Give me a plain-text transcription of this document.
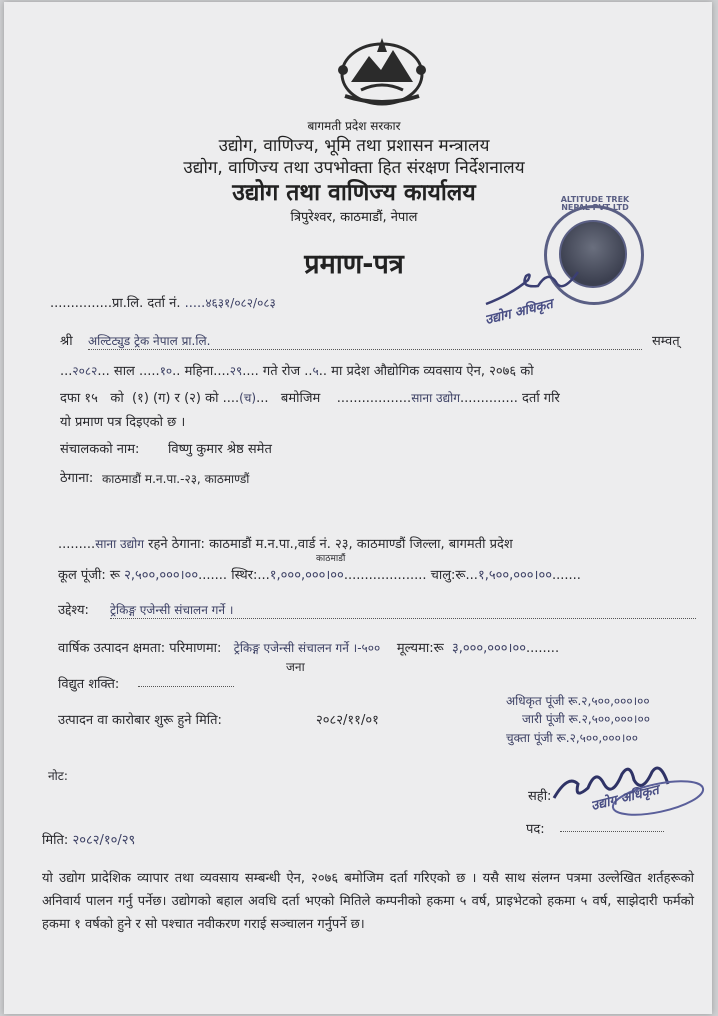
बागमती प्रदेश सरकार
उद्योग, वाणिज्य, भूमि तथा प्रशासन मन्त्रालय
उद्योग, वाणिज्य तथा उपभोक्ता हित संरक्षण निर्देशनालय
उद्योग तथा वाणिज्य कार्यालय
त्रिपुरेश्वर, काठमाडौं, नेपाल
प्रमाण-पत्र
ALTITUDE TREK NEPAL PVT LTD
उद्योग अधिकृत
...............प्रा.लि. दर्ता नं. .....४६३१/०८२/०८३
श्री अल्टिट्युड ट्रेक नेपाल प्रा.लि.	सम्वत्
...२०८२... साल .....१०.. महिना....२९.... गते रोज ..५.. मा प्रदेश औद्योगिक व्यवसाय ऐन, २०७६ को
दफा १५ को (१) (ग) र (२) को ....(च)...   बमोजिम    ..................साना उद्योग.............. दर्ता गरि
यो प्रमाण पत्र दिइएको छ ।
संचालकको नाम: विष्णु कुमार श्रेष्ठ समेत
ठेगाना: काठमाडौं म.न.पा.-२३, काठमाण्डौं
.........साना उद्योग रहने ठेगाना: काठमाडौं म.न.पा.,वार्ड नं. २३, काठमाण्डौं जिल्ला, बागमती प्रदेश
काठमाडौं
कूल पूंजी: रू २,५००,०००।००....... स्थिर:...१,०००,०००।००.................... चालु:रू...१,५००,०००।००.......
उद्देश्य: ट्रेकिङ्ग एजेन्सी संचालन गर्ने ।
वार्षिक उत्पादन क्षमता: परिमाणमा: ट्रेकिङ्ग एजेन्सी संचालन गर्ने ।-५०० मूल्यमा:रू ३,०००,०००।००........
जना
विद्युत शक्ति:
अधिकृत पूंजी रू.२,५००,०००।००
जारी पूंजी रू.२,५००,०००।००
चुक्ता पूंजी रू.२,५००,०००।००
उत्पादन वा कारोबार शुरू हुने मिति:	२०८२/११/०१
नोट:
सही:	उद्योग अधिकृत
पद:
मिति: २०८२/१०/२९
यो उद्योग प्रादेशिक व्यापार तथा व्यवसाय सम्बन्धी ऐन, २०७६ बमोजिम दर्ता गरिएको छ । यसै साथ संलग्न पत्रमा उल्लेखित शर्तहरूको अनिवार्य पालन गर्नु पर्नेछ। उद्योगको बहाल अवधि दर्ता भएको मितिले कम्पनीको हकमा ५ वर्ष, प्राइभेटको हकमा ५ वर्ष, साझेदारी फर्मको हकमा १ वर्षको हुने र सो पश्चात नवीकरण गराई सञ्चालन गर्नुपर्ने छ।
